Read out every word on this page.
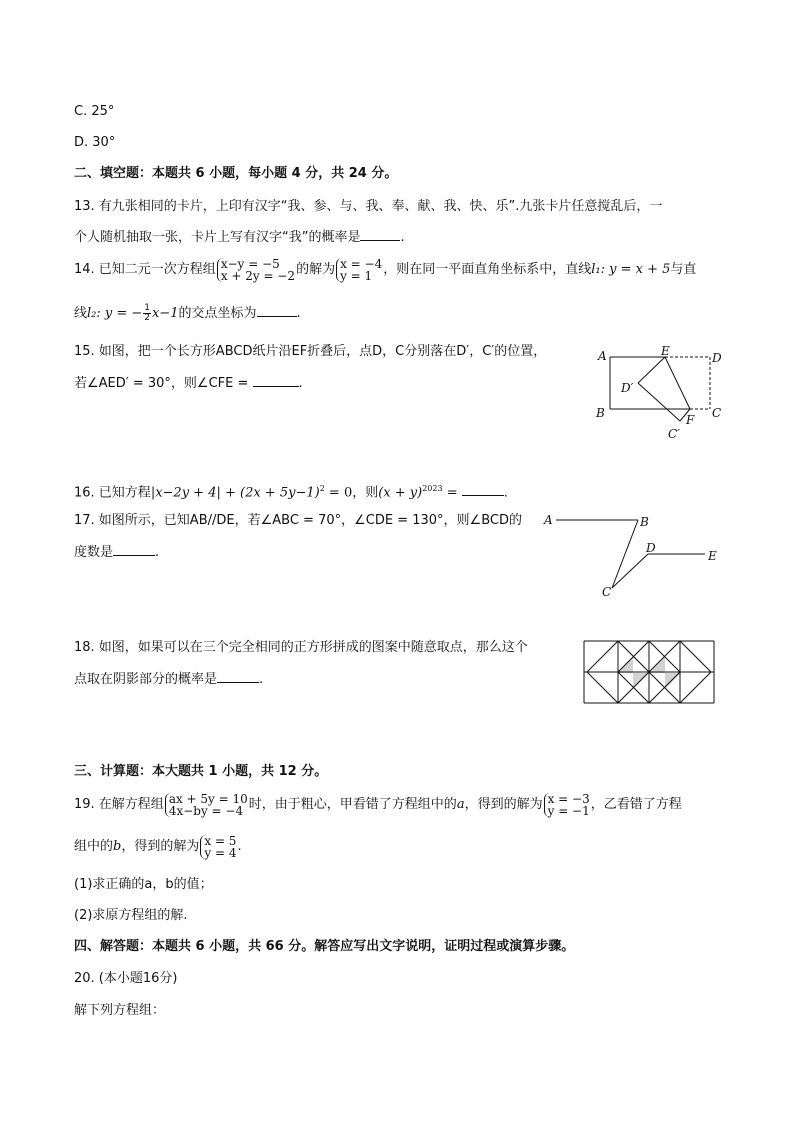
C. 25°
D. 30°
二、填空题：本题共 6 小题，每小题 4 分，共 24 分。
13. 有九张相同的卡片，上印有汉字“我、参、与、我、奉、献、我、快、乐”.九张卡片任意搅乱后，一
个人随机抽取一张，卡片上写有汉字“我”的概率是	.
14. 已知二元一次方程组 x−y = −5
x + 2y = −2 的解为 x = −4
y = 1 ，则在同一平面直角坐标系中，直线l₁: y = x + 5与直
线l₂: y = − $\frac{1}{2} x-1$的交点坐标为	.
15. 如图，把一个长方形ABCD纸片沿EF折叠后，点D，C分别落在D′，C′的位置，
若∠AED′ = 30°，则∠CFE =	.
A	E	D
D′
B	F C
C′
16. 已知方程$|x-2y + 4| + (2x + 5y-1)^2 = 0$，则$(x + y)^{2023}$ =	.
17. 如图所示，已知AB//DE，若∠ABC = 70°，∠CDE = 130°，则∠BCD的
度数是	.
A	B
D
E
C
18. 如图，如果可以在三个完全相同的正方形拼成的图案中随意取点，那么这个
点取在阴影部分的概率是	.
三、计算题：本大题共 1 小题，共 12 分。
19. 在解方程组 ax + 5y = 10
4x−by = −4 时，由于粗心，甲看错了方程组中的a，得到的解为 x = −3
y = −1 ，乙看错了方程
组中的b，得到的解为 x = 5
y = 4 .
(1)求正确的a，b的值；
(2)求原方程组的解.
四、解答题：本题共 6 小题，共 66 分。解答应写出文字说明，证明过程或演算步骤。
20. (本小题16分)
解下列方程组：
